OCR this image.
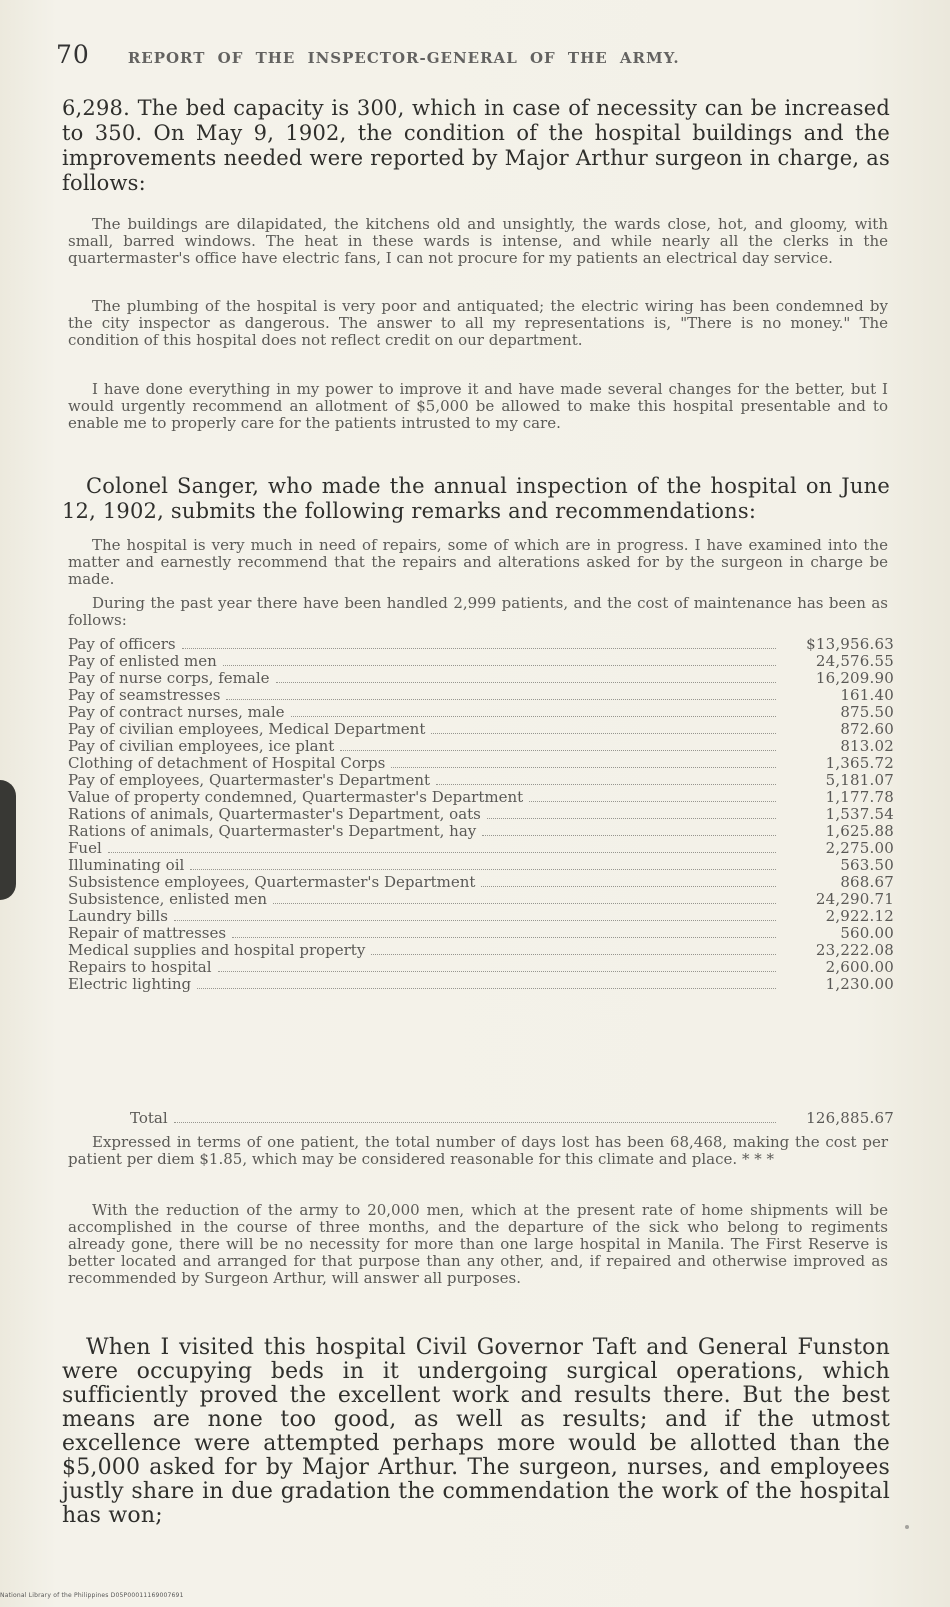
70	REPORT OF THE INSPECTOR-GENERAL OF THE ARMY.

6,298. The bed capacity is 300, which in case of necessity can be increased to 350. On May 9, 1902, the condition of the hospital buildings and the improvements needed were reported by Major Arthur surgeon in charge, as follows:

The buildings are dilapidated, the kitchens old and unsightly, the wards close, hot, and gloomy, with small, barred windows. The heat in these wards is intense, and while nearly all the clerks in the quartermaster's office have electric fans, I can not procure for my patients an electrical day service.

The plumbing of the hospital is very poor and antiquated; the electric wiring has been condemned by the city inspector as dangerous. The answer to all my representations is, "There is no money." The condition of this hospital does not reflect credit on our department.

I have done everything in my power to improve it and have made several changes for the better, but I would urgently recommend an allotment of $5,000 be allowed to make this hospital presentable and to enable me to properly care for the patients intrusted to my care.

Colonel Sanger, who made the annual inspection of the hospital on June 12, 1902, submits the following remarks and recommendations:

The hospital is very much in need of repairs, some of which are in progress. I have examined into the matter and earnestly recommend that the repairs and alterations asked for by the surgeon in charge be made.

During the past year there have been handled 2,999 patients, and the cost of maintenance has been as follows:

Pay of officers	$13,956.63
Pay of enlisted men	24,576.55
Pay of nurse corps, female	16,209.90
Pay of seamstresses	161.40
Pay of contract nurses, male	875.50
Pay of civilian employees, Medical Department	872.60
Pay of civilian employees, ice plant	813.02
Clothing of detachment of Hospital Corps	1,365.72
Pay of employees, Quartermaster's Department	5,181.07
Value of property condemned, Quartermaster's Department	1,177.78
Rations of animals, Quartermaster's Department, oats	1,537.54
Rations of animals, Quartermaster's Department, hay	1,625.88
Fuel	2,275.00
Illuminating oil	563.50
Subsistence employees, Quartermaster's Department	868.67
Subsistence, enlisted men	24,290.71
Laundry bills	2,922.12
Repair of mattresses	560.00
Medical supplies and hospital property	23,222.08
Repairs to hospital	2,600.00
Electric lighting	1,230.00
Total	126,885.67

Expressed in terms of one patient, the total number of days lost has been 68,468, making the cost per patient per diem $1.85, which may be considered reasonable for this climate and place. * * *

With the reduction of the army to 20,000 men, which at the present rate of home shipments will be accomplished in the course of three months, and the departure of the sick who belong to regiments already gone, there will be no necessity for more than one large hospital in Manila. The First Reserve is better located and arranged for that purpose than any other, and, if repaired and otherwise improved as recommended by Surgeon Arthur, will answer all purposes.

When I visited this hospital Civil Governor Taft and General Funston were occupying beds in it undergoing surgical operations, which sufficiently proved the excellent work and results there. But the best means are none too good, as well as results; and if the utmost excellence were attempted perhaps more would be allotted than the $5,000 asked for by Major Arthur. The surgeon, nurses, and employees justly share in due gradation the commendation the work of the hospital has won;

National Library of the Philippines D05P00011169007691
